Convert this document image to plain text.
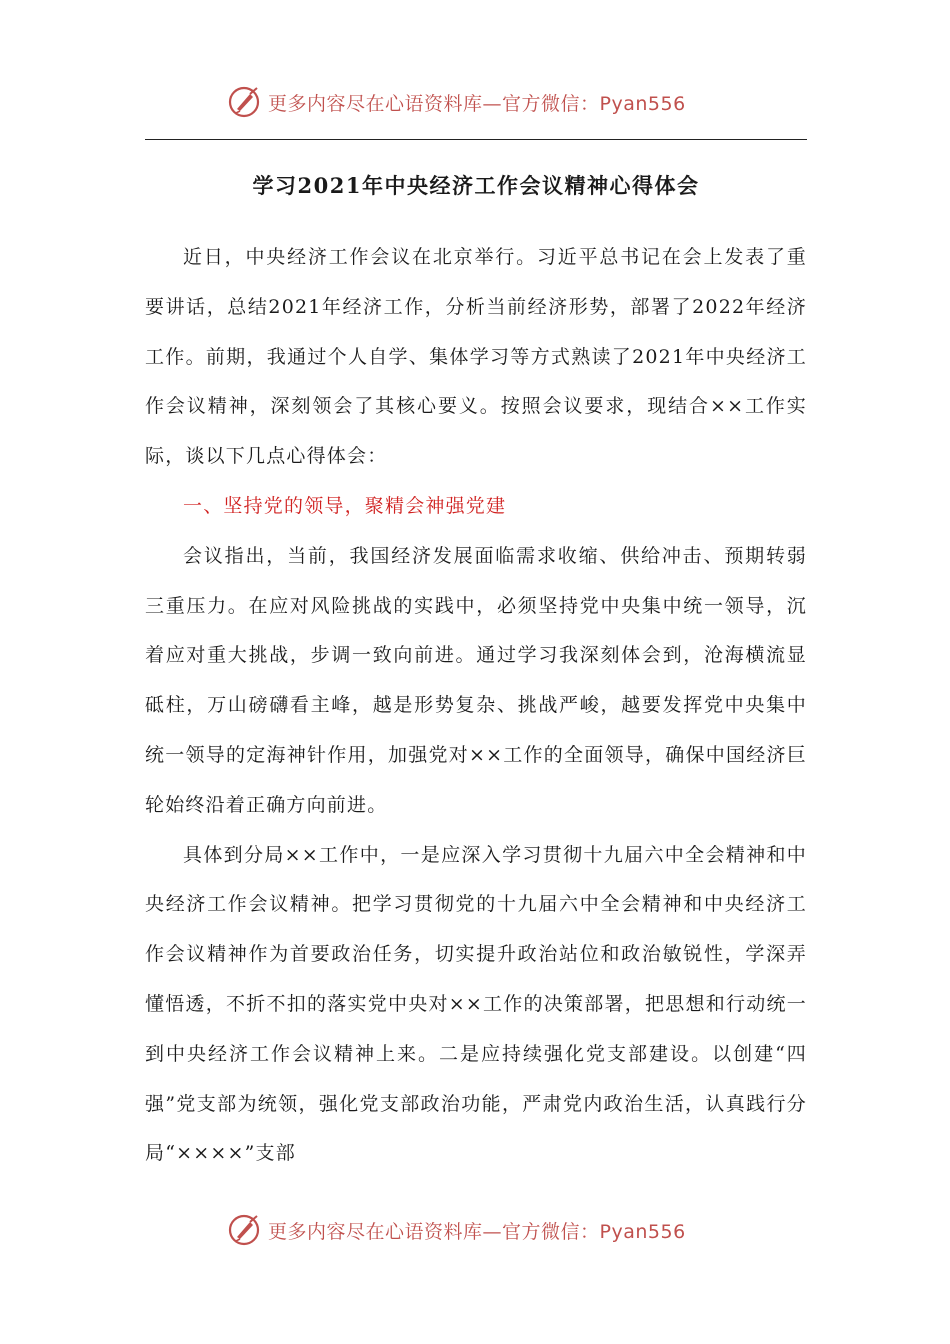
更多内容尽在心语资料库—官方微信：Pyan556
学习2021年中央经济工作会议精神心得体会

近日，中央经济工作会议在北京举行。习近平总书记在会上发表了重要讲话，总结2021年经济工作，分析当前经济形势，部署了2022年经济工作。前期，我通过个人自学、集体学习等方式熟读了2021年中央经济工作会议精神，深刻领会了其核心要义。按照会议要求，现结合××工作实际，谈以下几点心得体会：

一、坚持党的领导，聚精会神强党建

会议指出，当前，我国经济发展面临需求收缩、供给冲击、预期转弱三重压力。在应对风险挑战的实践中，必须坚持党中央集中统一领导，沉着应对重大挑战，步调一致向前进。通过学习我深刻体会到，沧海横流显砥柱，万山磅礴看主峰，越是形势复杂、挑战严峻，越要发挥党中央集中统一领导的定海神针作用，加强党对××工作的全面领导，确保中国经济巨轮始终沿着正确方向前进。

具体到分局××工作中，一是应深入学习贯彻十九届六中全会精神和中央经济工作会议精神。把学习贯彻党的十九届六中全会精神和中央经济工作会议精神作为首要政治任务，切实提升政治站位和政治敏锐性，学深弄懂悟透，不折不扣的落实党中央对××工作的决策部署，把思想和行动统一到中央经济工作会议精神上来。二是应持续强化党支部建设。以创建“四强”党支部为统领，强化党支部政治功能，严肃党内政治生活，认真践行分局“××××”支部

更多内容尽在心语资料库—官方微信：Pyan556
